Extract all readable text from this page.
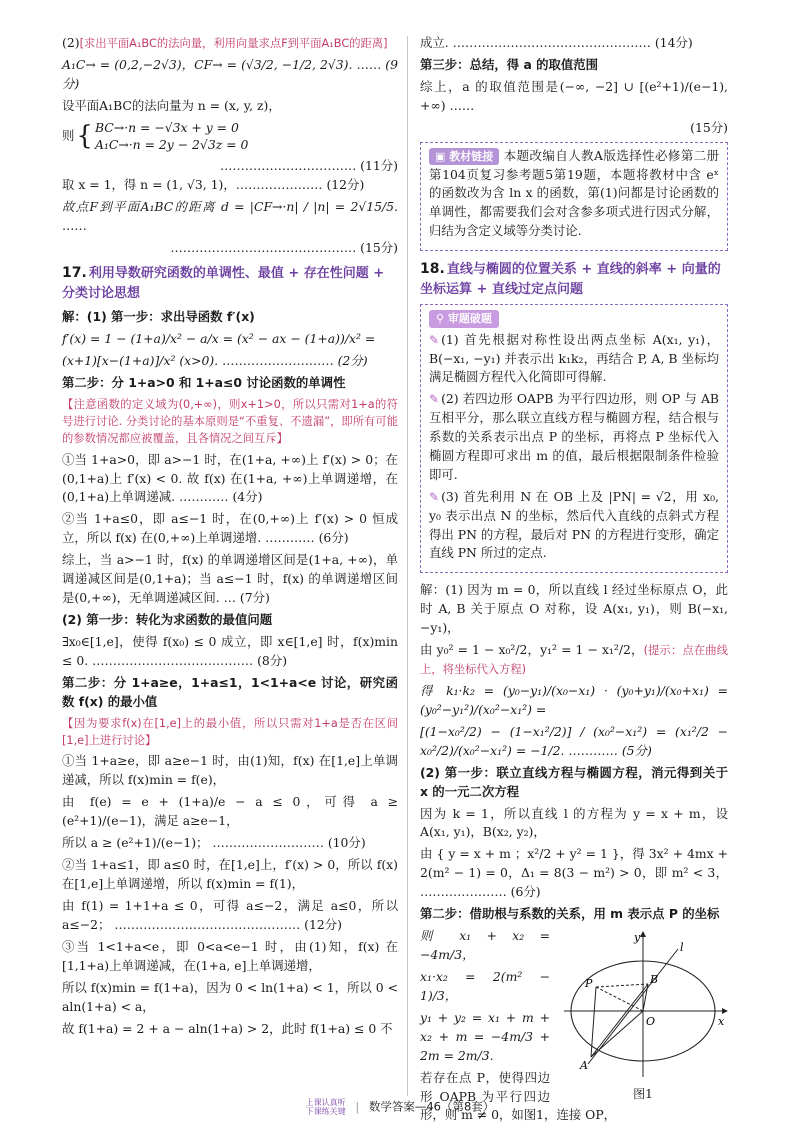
(2)[求出平面A₁BC的法向量，利用向量求点F到平面A₁BC的距离]

A₁C→ = (0,2,−2√3)，CF→ = (√3/2, −1/2, 2√3). …… (9分)

设平面A₁BC的法向量为 n = (x, y, z)，

则 { BC→·n = −√3x + y = 0
A₁C→·n = 2y − 2√3z = 0

…………………………… (11分)

取 x = 1，得 n = (1, √3, 1)，………………… (12分)

故点F到平面A₁BC的距离 d = |CF→·n| / |n| = 2√15/5. ……

……………………………………… (15分)
17. 利用导数研究函数的单调性、最值 + 存在性问题 + 分类讨论思想

解：(1) 第一步：求出导函数 f′(x)

f′(x) = 1 − (1+a)/x² − a/x = (x² − ax − (1+a))/x² =

(x+1)[x−(1+a)]/x² (x>0). ……………………… (2分)

第二步：分 1+a>0 和 1+a≤0 讨论函数的单调性

【注意函数的定义域为(0,+∞)，则x+1>0，所以只需对1+a的符号进行讨论. 分类讨论的基本原则是“不重复、不遗漏”，即所有可能的参数情况都应被覆盖，且各情况之间互斥】

①当 1+a>0，即 a>−1 时，在(1+a, +∞)上 f′(x) > 0；在(0,1+a)上 f′(x) < 0. 故 f(x) 在(1+a, +∞)上单调递增，在(0,1+a)上单调递减. ………… (4分)

②当 1+a≤0，即 a≤−1 时，在(0,+∞)上 f′(x) > 0 恒成立，所以 f(x) 在(0,+∞)上单调递增. ………… (6分)

综上，当 a>−1 时，f(x) 的单调递增区间是(1+a, +∞)，单调递减区间是(0,1+a)；当 a≤−1 时，f(x) 的单调递增区间是(0,+∞)，无单调递减区间. … (7分)

(2) 第一步：转化为求函数的最值问题

∃x₀∈[1,e]，使得 f(x₀) ≤ 0 成立，即 x∈[1,e] 时，f(x)min ≤ 0. ………………………………… (8分)

第二步：分 1+a≥e，1+a≤1，1<1+a<e 讨论，研究函数 f(x) 的最小值

【因为要求f(x)在[1,e]上的最小值，所以只需对1+a是否在区间[1,e]上进行讨论】

①当 1+a≥e，即 a≥e−1 时，由(1)知，f(x) 在[1,e]上单调递减，所以 f(x)min = f(e)，

由 f(e) = e + (1+a)/e − a ≤ 0，可得 a ≥ (e²+1)/(e−1)，满足 a≥e−1，

所以 a ≥ (e²+1)/(e−1)； ……………………… (10分)

②当 1+a≤1，即 a≤0 时，在[1,e]上，f′(x) > 0，所以 f(x) 在[1,e]上单调递增，所以 f(x)min = f(1)，

由 f(1) = 1+1+a ≤ 0，可得 a≤−2，满足 a≤0，所以 a≤−2； ……………………………………… (12分)

③当 1<1+a<e，即 0<a<e−1 时，由(1)知，f(x) 在[1,1+a)上单调递减，在(1+a, e]上单调递增，

所以 f(x)min = f(1+a)，因为 0 < ln(1+a) < 1，所以 0 < aln(1+a) < a，

故 f(1+a) = 2 + a − aln(1+a) > 2，此时 f(1+a) ≤ 0 不

成立. ………………………………………… (14分)

第三步：总结，得 a 的取值范围

综上，a 的取值范围是(−∞, −2] ∪ [(e²+1)/(e−1), +∞) ……

(15分)

▣ 教材链接 本题改编自人教A版选择性必修第二册第104页复习参考题5第19题，本题将教材中含 eˣ 的函数改为含 ln x 的函数，第(1)问都是讨论函数的单调性，都需要我们会对含参多项式进行因式分解，归结为含定义域等分类讨论.

18. 直线与椭圆的位置关系 + 直线的斜率 + 向量的坐标运算 + 直线过定点问题
⚲ 审题破题

✎ (1) 首先根据对称性设出两点坐标 A(x₁, y₁)，B(−x₁, −y₁) 并表示出 k₁k₂，再结合 P, A, B 坐标均满足椭圆方程代入化简即可得解.

✎ (2) 若四边形 OAPB 为平行四边形，则 OP 与 AB 互相平分，那么联立直线方程与椭圆方程，结合根与系数的关系表示出点 P 的坐标，再将点 P 坐标代入椭圆方程即可求出 m 的值，最后根据限制条件检验即可.

✎ (3) 首先利用 N 在 OB 上及 |PN| = √2，用 x₀, y₀ 表示出点 N 的坐标，然后代入直线的点斜式方程得出 PN 的方程，最后对 PN 的方程进行变形，确定直线 PN 所过的定点.

解：(1) 因为 m = 0，所以直线 l 经过坐标原点 O，此时 A, B 关于原点 O 对称，设 A(x₁, y₁)，则 B(−x₁, −y₁)，

由 y₀² = 1 − x₀²/2，y₁² = 1 − x₁²/2，(提示：点在曲线上，将坐标代入方程)

得 k₁·k₂ = (y₀−y₁)/(x₀−x₁) · (y₀+y₁)/(x₀+x₁) = (y₀²−y₁²)/(x₀²−x₁²) =

[(1−x₀²/2) − (1−x₁²/2)] / (x₀²−x₁²) = (x₁²/2 − x₀²/2)/(x₀²−x₁²) = −1/2. ………… (5分)

(2) 第一步：联立直线方程与椭圆方程，消元得到关于 x 的一元二次方程

因为 k = 1，所以直线 l 的方程为 y = x + m，设 A(x₁, y₁)，B(x₂, y₂)，

由 { y = x + m ；x²/2 + y² = 1 }，得 3x² + 4mx + 2(m² − 1) = 0，Δ₁ = 8(3 − m²) > 0，即 m² < 3， ………………… (6分)

第二步：借助根与系数的关系，用 m 表示点 P 的坐标

y
x
O
A
B
P
l
图1

则 x₁ + x₂ = −4m/3，

x₁·x₂ = 2(m² − 1)/3，

y₁ + y₂ = x₁ + m + x₂ + m = −4m/3 + 2m = 2m/3.

若存在点 P，使得四边形 OAPB 为平行四边形，则 m ≠ 0，如图1，连接 OP，

上课认真听
下课练关键 | 数学答案—46（第8套）
